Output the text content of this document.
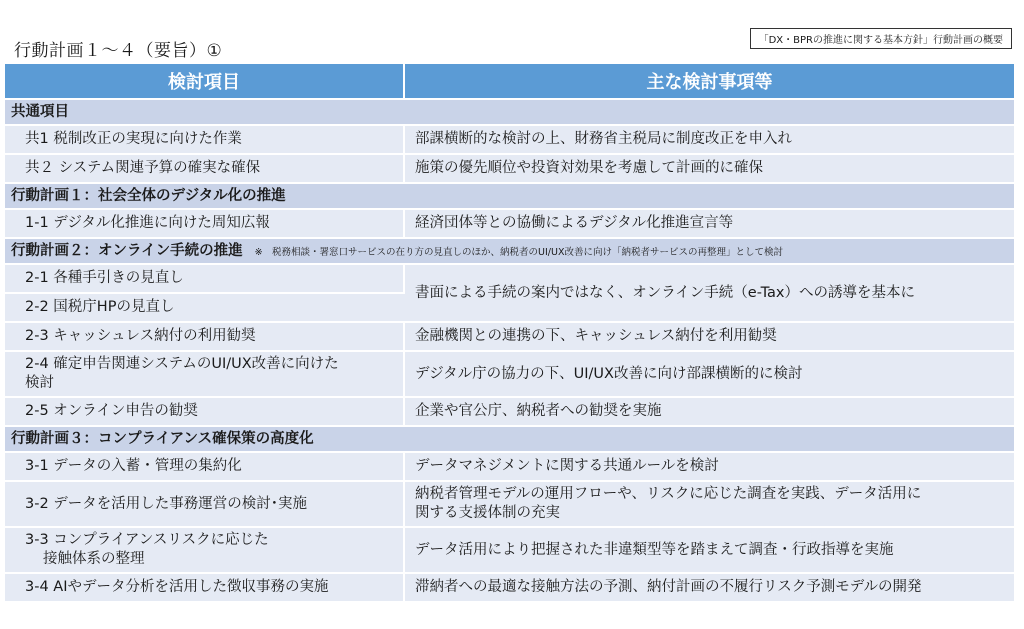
行動計画１～４（要旨）①
「DX・BPRの推進に関する基本方針」行動計画の概要
検討項目	主な検討事項等
共通項目	
共1 税制改正の実現に向けた作業	部課横断的な検討の上、財務省主税局に制度改正を申入れ
共２ システム関連予算の確実な確保	施策の優先順位や投資対効果を考慮して計画的に確保
行動計画１：社会全体のデジタル化の推進	
1-1 デジタル化推進に向けた周知広報	経済団体等との協働によるデジタル化推進宣言等
行動計画２：オンライン手続の推進 ※　税務相談・署窓口サービスの在り方の見直しのほか、納税者のUI/UX改善に向け「納税者サービスの再整理」として検討	
2-1 各種手引きの見直し	書面による手続の案内ではなく、オンライン手続（e-Tax）への誘導を基本に
2-2 国税庁HPの見直し	
2-3 キャッシュレス納付の利用勧奨	金融機関との連携の下、キャッシュレス納付を利用勧奨
2-4 確定申告関連システムのUI/UX改善に向けた
検討	デジタル庁の協力の下、UI/UX改善に向け部課横断的に検討
2-5 オンライン申告の勧奨	企業や官公庁、納税者への勧奨を実施
行動計画３：コンプライアンス確保策の高度化	
3-1 データの入蓄・管理の集約化	データマネジメントに関する共通ルールを検討
3-2 データを活用した事務運営の検討･実施	納税者管理モデルの運用フローや、リスクに応じた調査を実践、データ活用に
関する支援体制の充実
3-3 コンプライアンスリスクに応じた
接触体系の整理	データ活用により把握された非違類型等を踏まえて調査・行政指導を実施
3-4 AIやデータ分析を活用した徴収事務の実施	滞納者への最適な接触方法の予測、納付計画の不履行リスク予測モデルの開発
